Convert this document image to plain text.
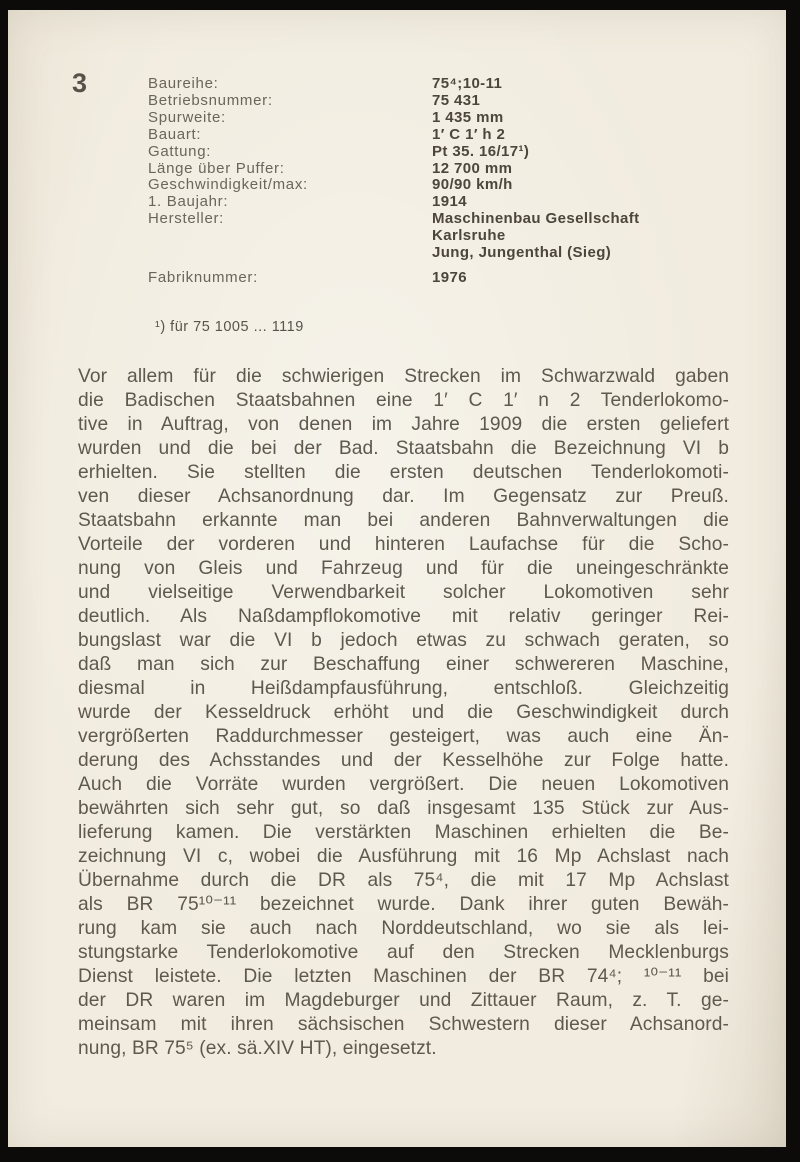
3	Baureihe:	75⁴;10-11
Betriebsnummer:	75 431
Spurweite:	1 435 mm
Bauart:	1′ C 1′ h 2
Gattung:	Pt 35. 16/17¹)
Länge über Puffer:	12 700 mm
Geschwindigkeit/max:	90/90 km/h
1. Baujahr:	1914
Hersteller:	Maschinenbau Gesellschaft
Karlsruhe
Jung, Jungenthal (Sieg)
Fabriknummer:	1976
¹) für 75 1005 ... 1119
Vor allem für die schwierigen Strecken im Schwarzwald gaben
die Badischen Staatsbahnen eine 1′ C 1′ n 2 Tenderlokomo-
tive in Auftrag, von denen im Jahre 1909 die ersten geliefert
wurden und die bei der Bad. Staatsbahn die Bezeichnung VI b
erhielten. Sie stellten die ersten deutschen Tenderlokomoti-
ven dieser Achsanordnung dar. Im Gegensatz zur Preuß.
Staatsbahn erkannte man bei anderen Bahnverwaltungen die
Vorteile der vorderen und hinteren Laufachse für die Scho-
nung von Gleis und Fahrzeug und für die uneingeschränkte
und vielseitige Verwendbarkeit solcher Lokomotiven sehr
deutlich. Als Naßdampflokomotive mit relativ geringer Rei-
bungslast war die VI b jedoch etwas zu schwach geraten, so
daß man sich zur Beschaffung einer schwereren Maschine,
diesmal in Heißdampfausführung, entschloß. Gleichzeitig
wurde der Kesseldruck erhöht und die Geschwindigkeit durch
vergrößerten Raddurchmesser gesteigert, was auch eine Än-
derung des Achsstandes und der Kesselhöhe zur Folge hatte.
Auch die Vorräte wurden vergrößert. Die neuen Lokomotiven
bewährten sich sehr gut, so daß insgesamt 135 Stück zur Aus-
lieferung kamen. Die verstärkten Maschinen erhielten die Be-
zeichnung VI c, wobei die Ausführung mit 16 Mp Achslast nach
Übernahme durch die DR als 75⁴, die mit 17 Mp Achslast
als BR 75¹⁰⁻¹¹ bezeichnet wurde. Dank ihrer guten Bewäh-
rung kam sie auch nach Norddeutschland, wo sie als lei-
stungstarke Tenderlokomotive auf den Strecken Mecklenburgs
Dienst leistete. Die letzten Maschinen der BR 74⁴; ¹⁰⁻¹¹ bei
der DR waren im Magdeburger und Zittauer Raum, z. T. ge-
meinsam mit ihren sächsischen Schwestern dieser Achsanord-
nung, BR 75⁵ (ex. sä.XIV HT), eingesetzt.
